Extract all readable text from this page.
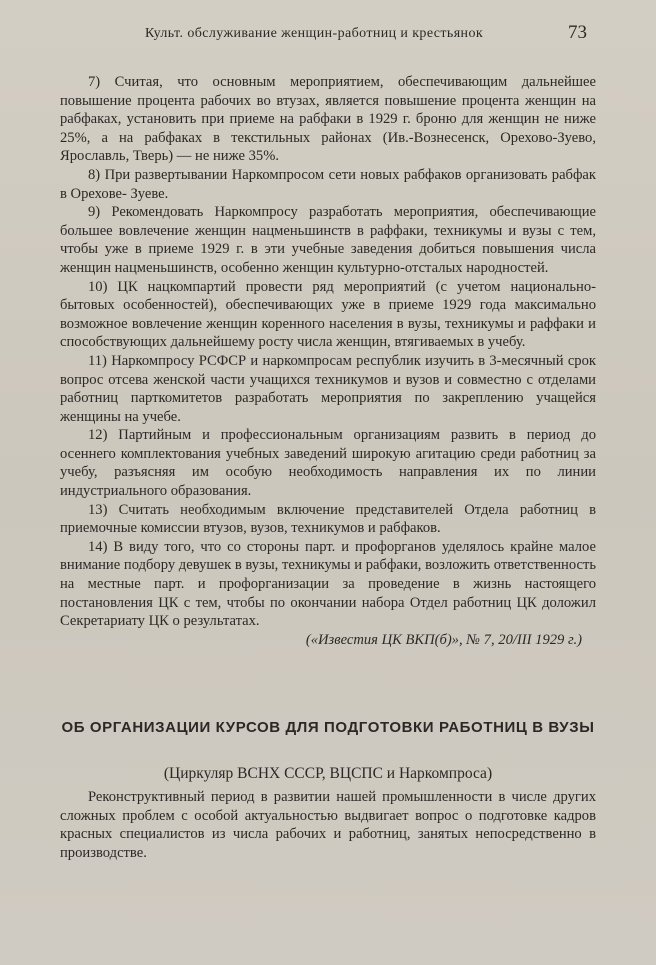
Культ. обслуживание женщин-работниц и крестьянок	73

7) Считая, что основным мероприятием, обеспечивающим дальнейшее повышение процента рабочих во втузах, является повышение процента женщин на рабфаках, установить при приеме на рабфаки в 1929 г. броню для женщин не ниже 25%, а на рабфаках в текстильных районах (Ив.-Вознесенск, Орехово-Зуево, Ярославль, Тверь) — не ниже 35%.

8) При развертывании Наркомпросом сети новых рабфаков организовать рабфак в Орехове- Зуеве.

9) Рекомендовать Наркомпросу разработать мероприятия, обеспечивающие большее вовлечение женщин нацменьшинств в раффаки, техникумы и вузы с тем, чтобы уже в приеме 1929 г. в эти учебные заведения добиться повышения числа женщин нацменьшинств, особенно женщин культурно-отсталых народностей.

10) ЦК нацкомпартий провести ряд мероприятий (с учетом национально-бытовых особенностей), обеспечивающих уже в приеме 1929 года максимально возможное вовлечение женщин коренного населения в вузы, техникумы и раффаки и способствующих дальнейшему росту числа женщин, втягиваемых в учебу.

11) Наркомпросу РСФСР и наркомпросам республик изучить в 3-месячный срок вопрос отсева женской части учащихся техникумов и вузов и совместно с отделами работниц парткомитетов разработать мероприятия по закреплению учащейся женщины на учебе.

12) Партийным и профессиональным организациям развить в период до осеннего комплектования учебных заведений широкую агитацию среди работниц за учебу, разъясняя им особую необходимость направления их по линии индустриального образования.

13) Считать необходимым включение представителей Отдела работниц в приемочные комиссии втузов, вузов, техникумов и рабфаков.

14) В виду того, что со стороны парт. и профорганов уделялось крайне малое внимание подбору девушек в вузы, техникумы и рабфаки, возложить ответственность на местные парт. и профорганизации за проведение в жизнь настоящего постановления ЦК с тем, чтобы по окончании набора Отдел работниц ЦК доложил Секретариату ЦК о результатах.

(«Известия ЦК ВКП(б)», № 7, 20/III 1929 г.)

ОБ ОРГАНИЗАЦИИ КУРСОВ ДЛЯ ПОДГОТОВКИ РАБОТНИЦ В ВУЗЫ
(Циркуляр ВСНХ СССР, ВЦСПС и Наркомпроса)

Реконструктивный период в развитии нашей промышленности в числе других сложных проблем с особой актуальностью выдвигает вопрос о подготовке кадров красных специалистов из числа рабочих и работниц, занятых непосредственно в производстве.
